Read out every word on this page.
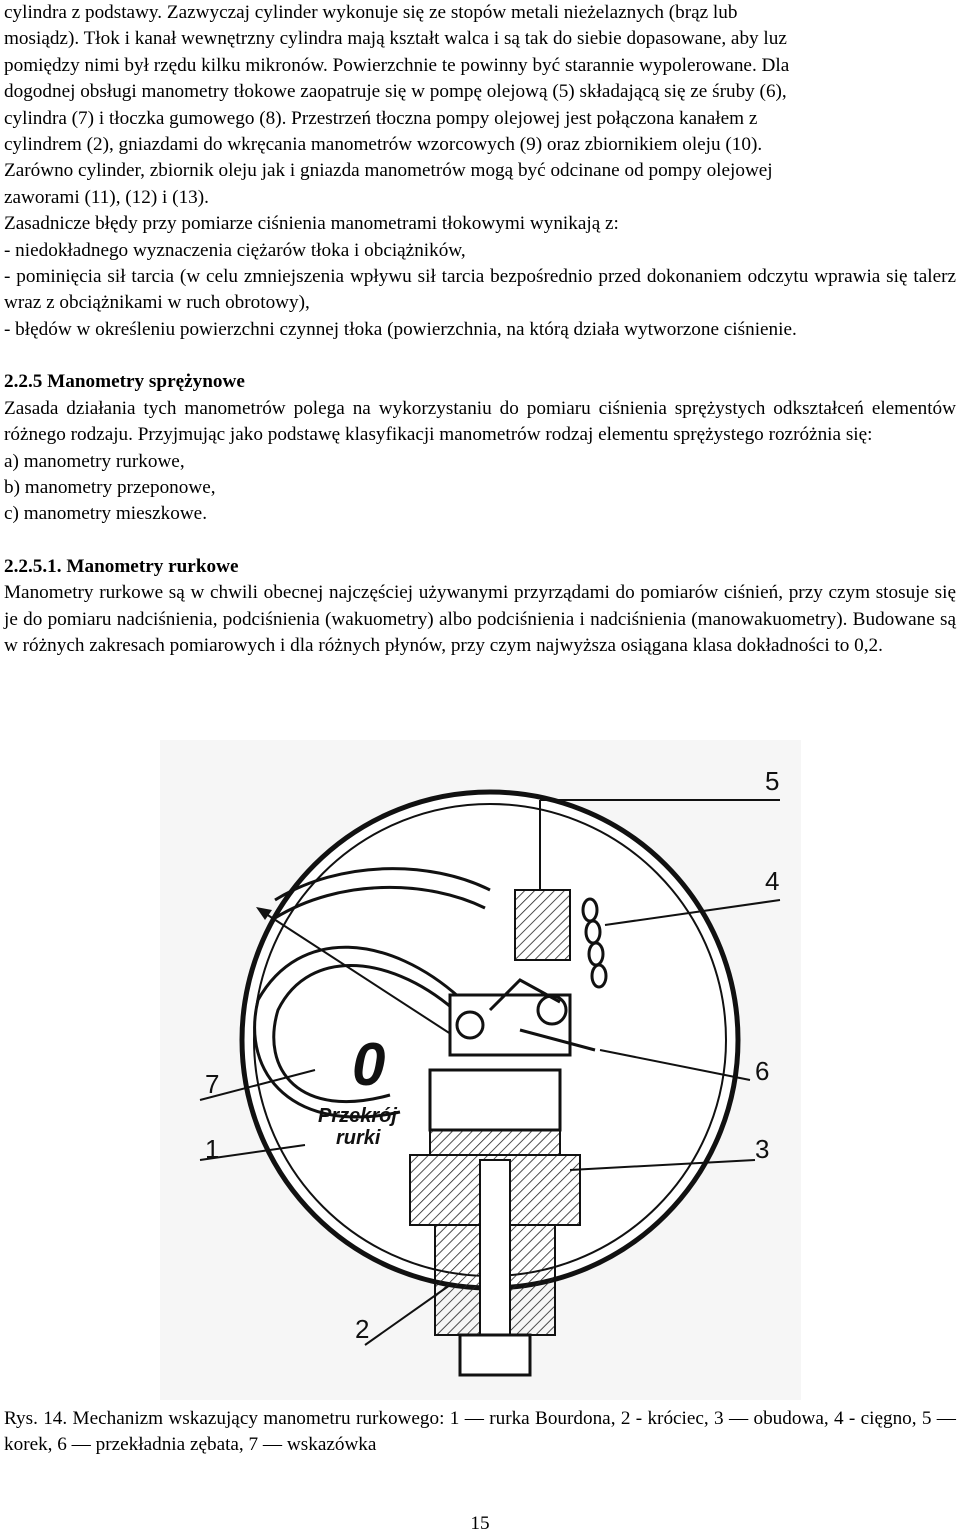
cylindra z podstawy. Zazwyczaj cylinder wykonuje się ze stopów metali nieżelaznych (brąz lub
mosiądz). Tłok i kanał wewnętrzny cylindra mają kształt walca i są tak do siebie dopasowane, aby luz
pomiędzy nimi był rzędu kilku mikronów. Powierzchnie te powinny być starannie wypolerowane. Dla
dogodnej obsługi manometry tłokowe zaopatruje się w pompę olejową (5) składającą się ze śruby (6),
cylindra (7) i tłoczka gumowego (8). Przestrzeń tłoczna pompy olejowej jest połączona kanałem z
cylindrem (2), gniazdami do wkręcania manometrów wzorcowych (9) oraz zbiornikiem oleju (10).
Zarówno cylinder, zbiornik oleju jak i gniazda manometrów mogą być odcinane od pompy olejowej
zaworami (11), (12) i (13).

Zasadnicze błędy przy pomiarze ciśnienia manometrami tłokowymi wynikają z:

- niedokładnego wyznaczenia ciężarów tłoka i obciążników,

- pominięcia sił tarcia (w celu zmniejszenia wpływu sił tarcia bezpośrednio przed dokonaniem odczytu wprawia się talerz wraz z obciążnikami w ruch obrotowy),

- błędów w określeniu powierzchni czynnej tłoka (powierzchnia, na którą działa wytworzone ciśnienie.

2.2.5 Manometry sprężynowe

Zasada działania tych manometrów polega na wykorzystaniu do pomiaru ciśnienia sprężystych odkształceń elementów różnego rodzaju. Przyjmując jako podstawę klasyfikacji manometrów rodzaj elementu sprężystego rozróżnia się:

a) manometry rurkowe,

b) manometry przeponowe,

c) manometry mieszkowe.

2.2.5.1. Manometry rurkowe

Manometry rurkowe są w chwili obecnej najczęściej używanymi przyrządami do pomiarów ciśnień, przy czym stosuje się je do pomiaru nadciśnienia, podciśnienia (wakuometry) albo podciśnienia i nadciśnienia (manowakuometry). Budowane są w różnych zakresach pomiarowych i dla różnych płynów, przy czym najwyższa osiągana klasa dokładności to 0,2.

0
Przekrój
rurki
5
4
6
7
1	3
2

Rys. 14. Mechanizm wskazujący manometru rurkowego: 1 — rurka Bourdona, 2 - króciec, 3 — obudowa, 4 - cięgno, 5 — korek, 6 — przekładnia zębata, 7 — wskazówka

15
